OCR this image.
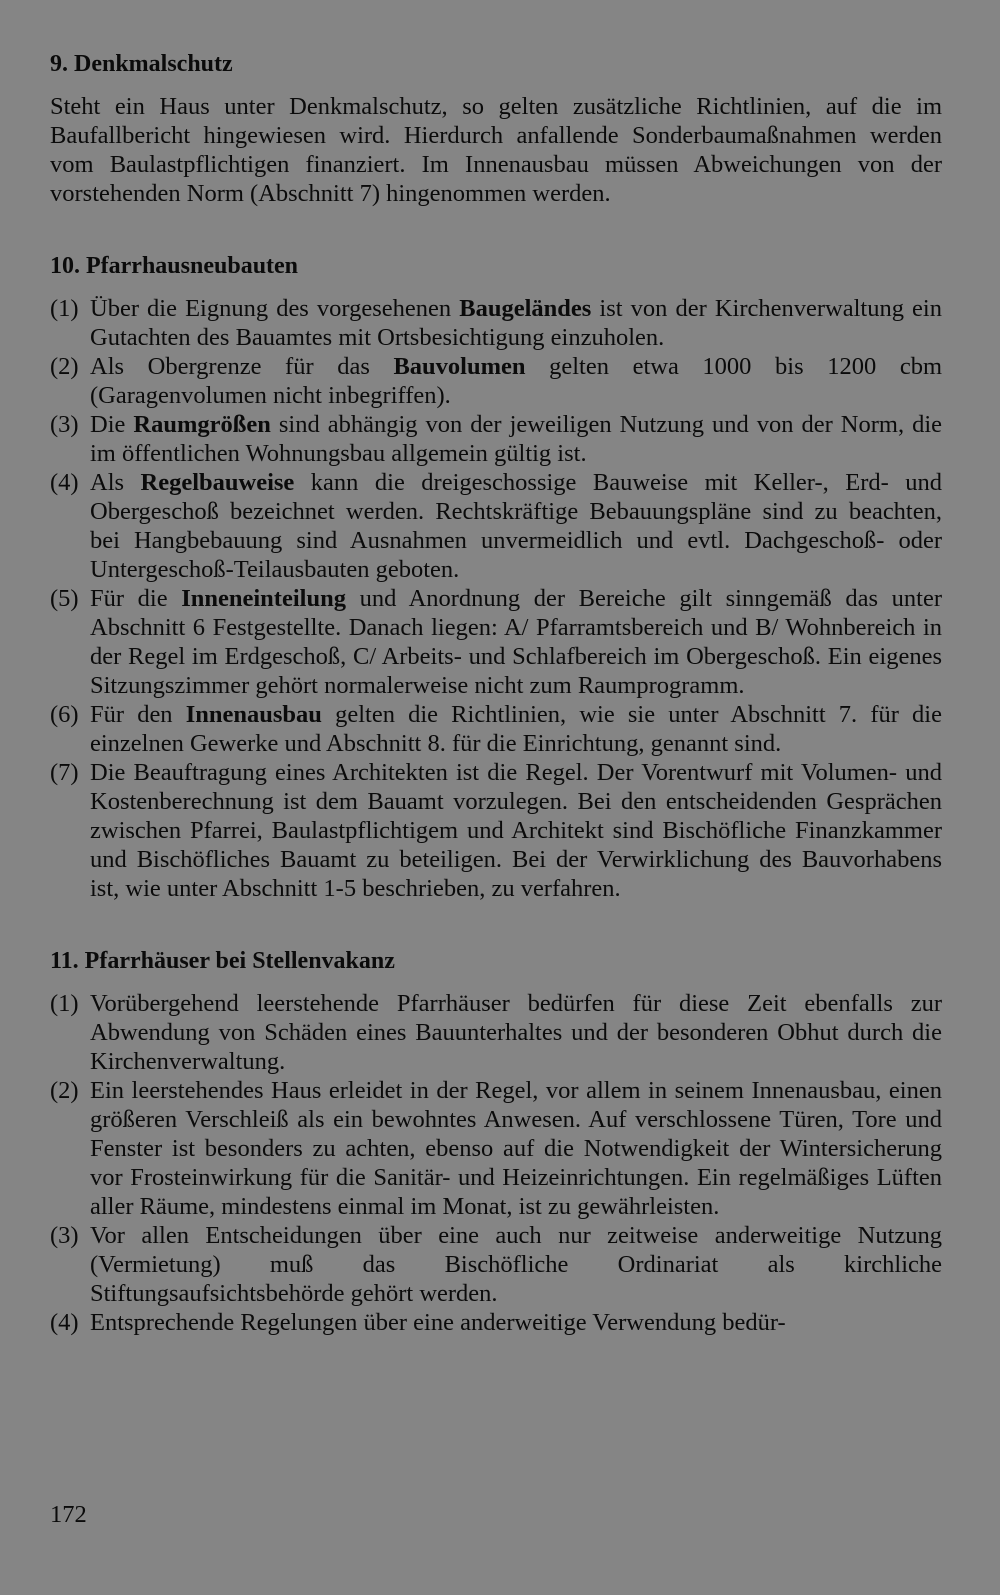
9. Denkmalschutz
Steht ein Haus unter Denkmalschutz, so gelten zusätzliche Richtlinien, auf die im Baufallbericht hingewiesen wird. Hierdurch anfallende Sonderbaumaßnahmen werden vom Baulastpflichtigen finanziert. Im Innenausbau müssen Abweichungen von der vorstehenden Norm (Abschnitt 7) hingenommen werden.
10. Pfarrhausneubauten
(1) Über die Eignung des vorgesehenen Baugeländes ist von der Kirchenverwaltung ein Gutachten des Bauamtes mit Ortsbesichtigung einzuholen.
(2) Als Obergrenze für das Bauvolumen gelten etwa 1000 bis 1200 cbm (Garagenvolumen nicht inbegriffen).
(3) Die Raumgrößen sind abhängig von der jeweiligen Nutzung und von der Norm, die im öffentlichen Wohnungsbau allgemein gültig ist.
(4) Als Regelbauweise kann die dreigeschossige Bauweise mit Keller-, Erd- und Obergeschoß bezeichnet werden. Rechtskräftige Bebauungspläne sind zu beachten, bei Hangbebauung sind Ausnahmen unvermeidlich und evtl. Dachgeschoß- oder Untergeschoß-Teilausbauten geboten.
(5) Für die Inneneinteilung und Anordnung der Bereiche gilt sinngemäß das unter Abschnitt 6 Festgestellte. Danach liegen: A/ Pfarramtsbereich und B/ Wohnbereich in der Regel im Erdgeschoß, C/ Arbeits- und Schlafbereich im Obergeschoß. Ein eigenes Sitzungszimmer gehört normalerweise nicht zum Raumprogramm.
(6) Für den Innenausbau gelten die Richtlinien, wie sie unter Abschnitt 7. für die einzelnen Gewerke und Abschnitt 8. für die Einrichtung, genannt sind.
(7) Die Beauftragung eines Architekten ist die Regel. Der Vorentwurf mit Volumen- und Kostenberechnung ist dem Bauamt vorzulegen. Bei den entscheidenden Gesprächen zwischen Pfarrei, Baulastpflichtigem und Architekt sind Bischöfliche Finanzkammer und Bischöfliches Bauamt zu beteiligen. Bei der Verwirklichung des Bauvorhabens ist, wie unter Abschnitt 1-5 beschrieben, zu verfahren.
11. Pfarrhäuser bei Stellenvakanz
(1) Vorübergehend leerstehende Pfarrhäuser bedürfen für diese Zeit ebenfalls zur Abwendung von Schäden eines Bauunterhaltes und der besonderen Obhut durch die Kirchenverwaltung.
(2) Ein leerstehendes Haus erleidet in der Regel, vor allem in seinem Innenausbau, einen größeren Verschleiß als ein bewohntes Anwesen. Auf verschlossene Türen, Tore und Fenster ist besonders zu achten, ebenso auf die Notwendigkeit der Wintersicherung vor Frosteinwirkung für die Sanitär- und Heizeinrichtungen. Ein regelmäßiges Lüften aller Räume, mindestens einmal im Monat, ist zu gewährleisten.
(3) Vor allen Entscheidungen über eine auch nur zeitweise anderweitige Nutzung (Vermietung) muß das Bischöfliche Ordinariat als kirchliche Stiftungsaufsichtsbehörde gehört werden.
(4) Entsprechende Regelungen über eine anderweitige Verwendung bedür-
172
